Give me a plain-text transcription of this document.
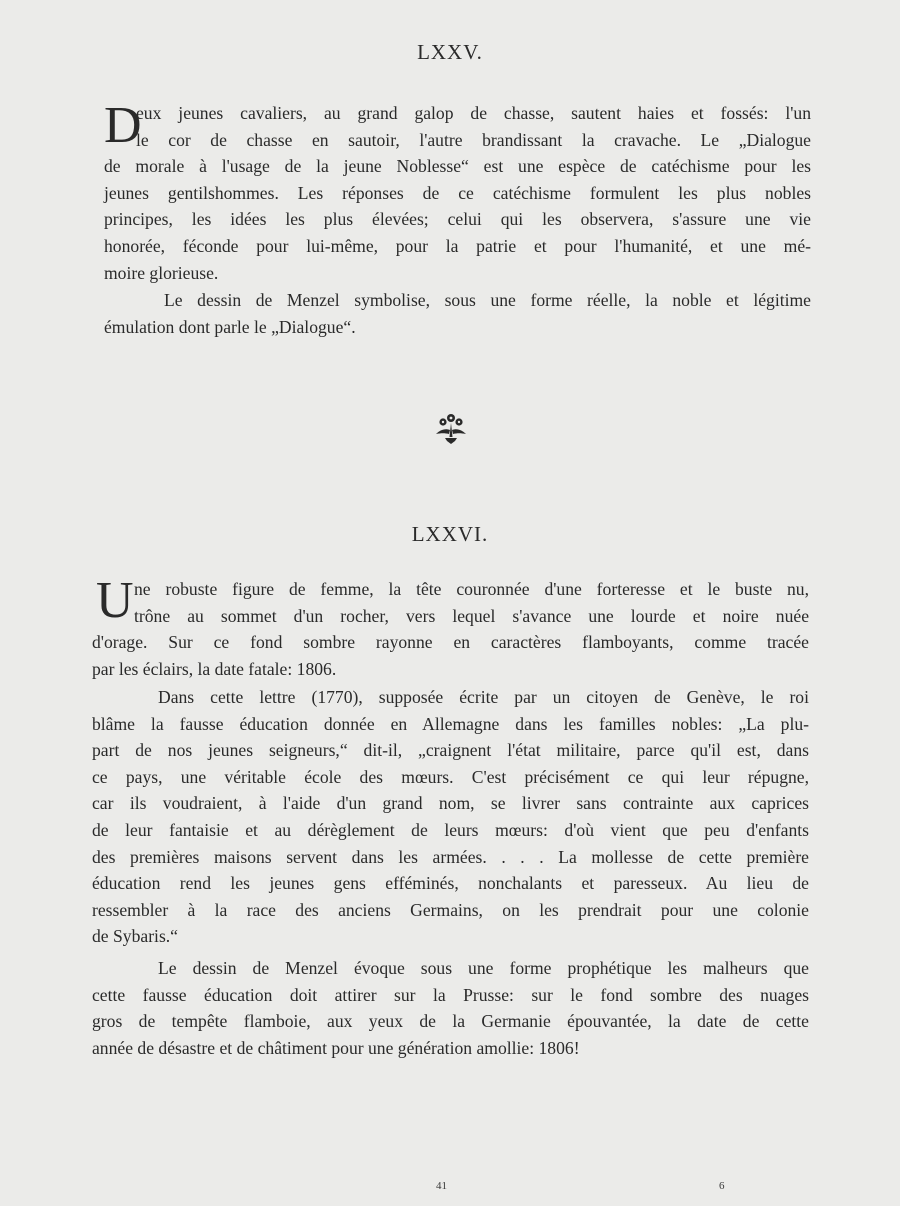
LXXV.
D
eux jeunes cavaliers, au grand galop de chasse, sautent haies et fossés: l'un
le cor de chasse en sautoir, l'autre brandissant la cravache. Le „Dialogue
de morale à l'usage de la jeune Noblesse“ est une espèce de catéchisme pour les
jeunes gentilshommes. Les réponses de ce catéchisme formulent les plus nobles
principes, les idées les plus élevées; celui qui les observera, s'assure une vie
honorée, féconde pour lui-même, pour la patrie et pour l'humanité, et une mé-
moire glorieuse.
Le dessin de Menzel symbolise, sous une forme réelle, la noble et légitime
émulation dont parle le „Dialogue“.
LXXVI.
U ne robuste figure de femme, la tête couronnée d'une forteresse et le buste nu,
trône au sommet d'un rocher, vers lequel s'avance une lourde et noire nuée
d'orage. Sur ce fond sombre rayonne en caractères flamboyants, comme tracée
par les éclairs, la date fatale: 1806.
Dans cette lettre (1770), supposée écrite par un citoyen de Genève, le roi
blâme la fausse éducation donnée en Allemagne dans les familles nobles: „La plu-
part de nos jeunes seigneurs,“ dit-il, „craignent l'état militaire, parce qu'il est, dans
ce pays, une véritable école des mœurs. C'est précisément ce qui leur répugne,
car ils voudraient, à l'aide d'un grand nom, se livrer sans contrainte aux caprices
de leur fantaisie et au dérèglement de leurs mœurs: d'où vient que peu d'enfants
des premières maisons servent dans les armées. . . . La mollesse de cette première
éducation rend les jeunes gens efféminés, nonchalants et paresseux. Au lieu de
ressembler à la race des anciens Germains, on les prendrait pour une colonie
de Sybaris.“
Le dessin de Menzel évoque sous une forme prophétique les malheurs que
cette fausse éducation doit attirer sur la Prusse: sur le fond sombre des nuages
gros de tempête flamboie, aux yeux de la Germanie épouvantée, la date de cette
année de désastre et de châtiment pour une génération amollie: 1806!
41	6
